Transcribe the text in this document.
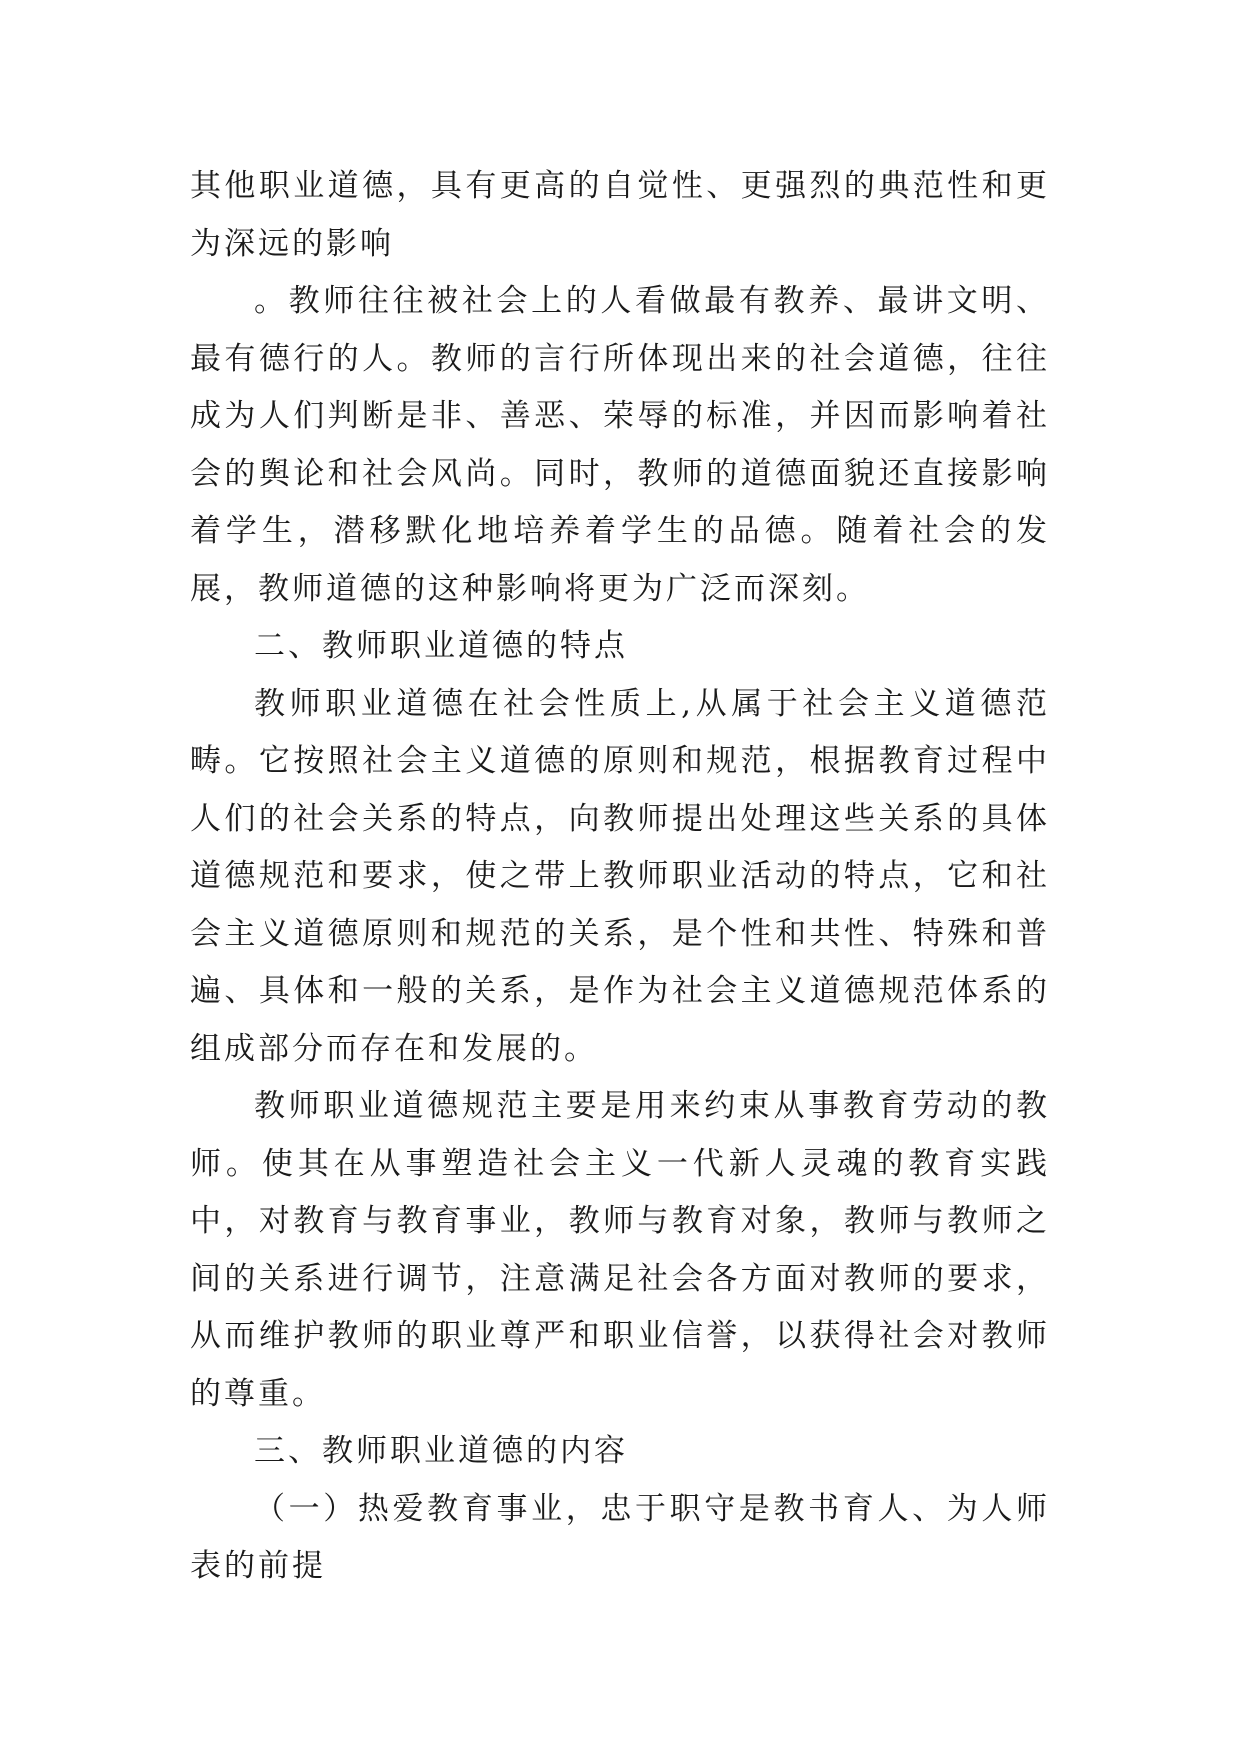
其他职业道德，具有更高的自觉性、更强烈的典范性和更为深远的影响

。教师往往被社会上的人看做最有教养、最讲文明、最有德行的人。教师的言行所体现出来的社会道德，往往成为人们判断是非、善恶、荣辱的标准，并因而影响着社会的舆论和社会风尚。同时，教师的道德面貌还直接影响着学生，潜移默化地培养着学生的品德。随着社会的发展，教师道德的这种影响将更为广泛而深刻。

二、教师职业道德的特点

教师职业道德在社会性质上,从属于社会主义道德范畴。它按照社会主义道德的原则和规范，根据教育过程中人们的社会关系的特点，向教师提出处理这些关系的具体道德规范和要求，使之带上教师职业活动的特点，它和社会主义道德原则和规范的关系，是个性和共性、特殊和普遍、具体和一般的关系，是作为社会主义道德规范体系的组成部分而存在和发展的。

教师职业道德规范主要是用来约束从事教育劳动的教师。使其在从事塑造社会主义一代新人灵魂的教育实践中，对教育与教育事业，教师与教育对象，教师与教师之间的关系进行调节，注意满足社会各方面对教师的要求，从而维护教师的职业尊严和职业信誉，以获得社会对教师的尊重。

三、教师职业道德的内容

（一）热爱教育事业，忠于职守是教书育人、为人师表的前提
